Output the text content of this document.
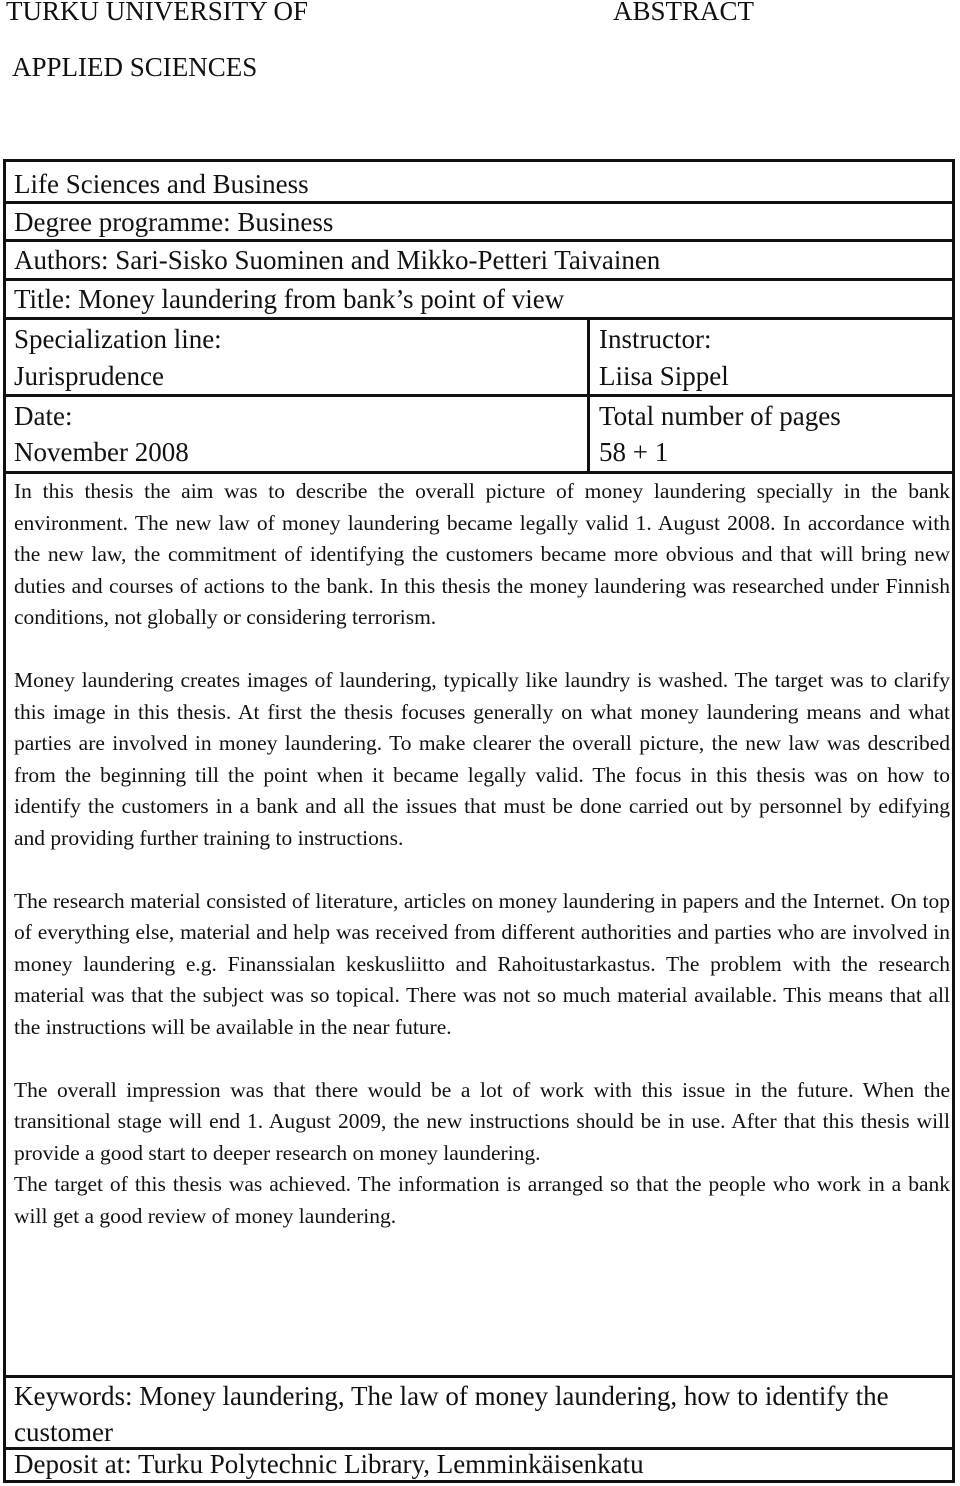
TURKU UNIVERSITY OF
APPLIED SCIENCES
ABSTRACT
Life Sciences and Business
Degree programme: Business
Authors: Sari-Sisko Suominen and Mikko-Petteri Taivainen
Title: Money laundering from bank’s point of view
Specialization line:
Jurisprudence
Instructor:
Liisa Sippel
Date:
November 2008
Total number of pages
58 + 1

In this thesis the aim was to describe the overall picture of money laundering specially in the bank environment. The new law of money laundering became legally valid 1. August 2008. In accordance with the new law, the commitment of identifying the customers became more obvious and that will bring new duties and courses of actions to the bank. In this thesis the money laundering was researched under Finnish conditions, not globally or considering terrorism.

Money laundering creates images of laundering, typically like laundry is washed. The target was to clarify this image in this thesis. At first the thesis focuses generally on what money laundering means and what parties are involved in money laundering. To make clearer the overall picture, the new law was described from the beginning till the point when it became legally valid. The focus in this thesis was on how to identify the customers in a bank and all the issues that must be done carried out by personnel by edifying and providing further training to instructions.

The research material consisted of literature, articles on money laundering in papers and the Internet. On top of everything else, material and help was received from different authorities and parties who are involved in money laundering e.g. Finanssialan keskusliitto and Rahoitustarkastus. The problem with the research material was that the subject was so topical. There was not so much material available. This means that all the instructions will be available in the near future.

The overall impression was that there would be a lot of work with this issue in the future. When the transitional stage will end 1. August 2009, the new instructions should be in use. After that this thesis will provide a good start to deeper research on money laundering.

The target of this thesis was achieved. The information is arranged so that the people who work in a bank will get a good review of money laundering.

Keywords: Money laundering, The law of money laundering, how to identify the customer
Deposit at: Turku Polytechnic Library, Lemminkäisenkatu
